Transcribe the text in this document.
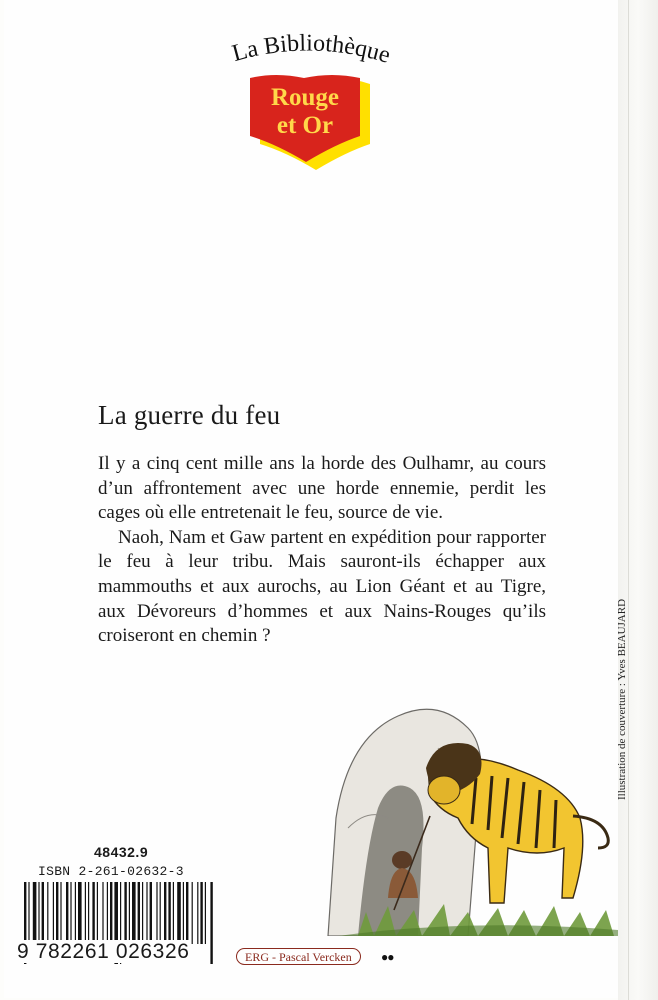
La Bibliothèque
Rouge
et Or
La guerre du feu

Il y a cinq cent mille ans la horde des Oulhamr, au cours d’un affrontement avec une horde ennemie, perdit les cages où elle entretenait le feu, source de vie.

Naoh, Nam et Gaw partent en expédition pour rapporter le feu à leur tribu. Mais sauront-ils échapper aux mammouths et aux aurochs, au Lion Géant et au Tigre, aux Dévoreurs d’hommes et aux Nains-Rouges qu’ils croiseront en chemin ?	Illustration de couverture : Yves BEAUJARD
48432.9
ISBN 2-261-02632-3
9 782261 026326	ERG - Pascal Vercken	●●
